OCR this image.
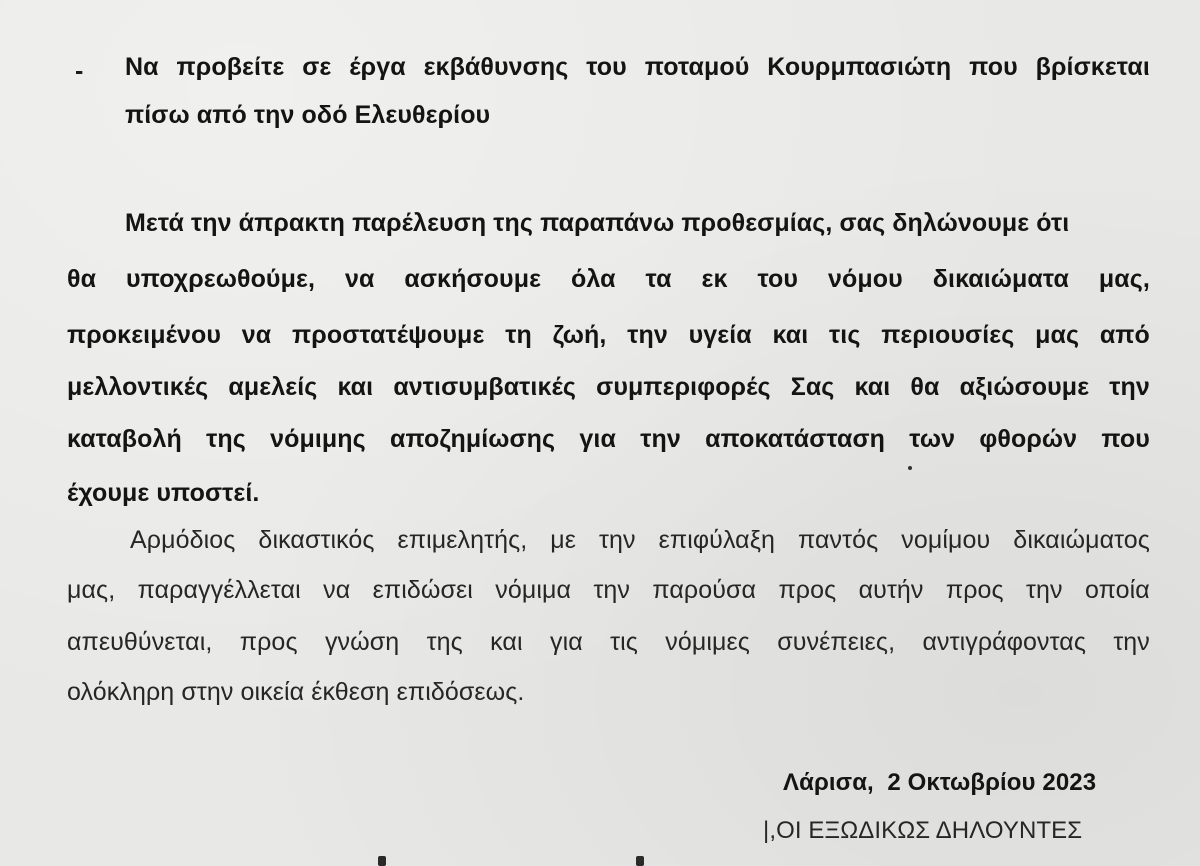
- Να προβείτε σε έργα εκβάθυνσης του ποταμού Κουρμπασιώτη που βρίσκεται
πίσω από την οδό Ελευθερίου
Μετά την άπρακτη παρέλευση της παραπάνω προθεσμίας, σας δηλώνουμε ότι
θα υποχρεωθούμε, να ασκήσουμε όλα τα εκ του νόμου δικαιώματα μας,
προκειμένου να προστατέψουμε τη ζωή, την υγεία και τις περιουσίες μας από
μελλοντικές αμελείς και αντισυμβατικές συμπεριφορές Σας και θα αξιώσουμε την
καταβολή της νόμιμης αποζημίωσης για την αποκατάσταση των φθορών που
έχουμε υποστεί.
Αρμόδιος δικαστικός επιμελητής, με την επιφύλαξη παντός νομίμου δικαιώματος
μας, παραγγέλλεται να επιδώσει νόμιμα την παρούσα προς αυτήν προς την οποία
απευθύνεται, προς γνώση της και για τις νόμιμες συνέπειες, αντιγράφοντας την
ολόκληρη στην οικεία έκθεση επιδόσεως.
Λάρισα,  2 Οκτωβρίου 2023
|,ΟΙ ΕΞΩΔΙΚΩΣ ΔΗΛΟΥΝΤΕΣ
